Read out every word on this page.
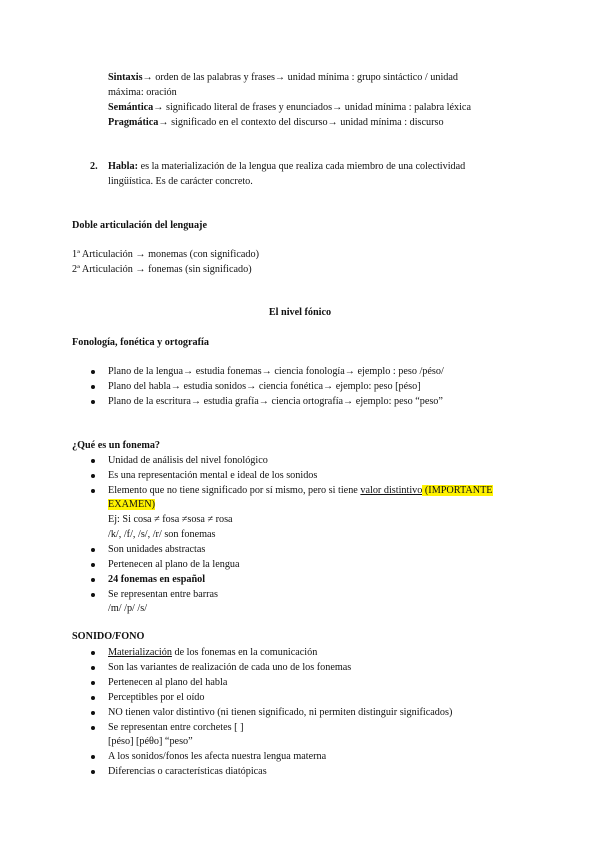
Sintaxis→ orden de las palabras y frases→ unidad mínima : grupo sintáctico / unidad
máxima: oración
Semántica→ significado literal de frases y enunciados→ unidad mínima : palabra léxica
Pragmática→ significado en el contexto del discurso→ unidad mínima : discurso
2. Habla: es la materialización de la lengua que realiza cada miembro de una colectividad
lingüística. Es de carácter concreto.
Doble articulación del lenguaje
1ª Articulación → monemas (con significado)
2ª Articulación → fonemas (sin significado)
El nivel fónico
Fonología, fonética y ortografía
Plano de la lengua→ estudia fonemas→ ciencia fonología→ ejemplo : peso /péso/
Plano del habla→ estudia sonidos→ ciencia fonética→ ejemplo: peso [péso]
Plano de la escritura→ estudia grafía→ ciencia ortografía→ ejemplo: peso “peso”
¿Qué es un fonema?
Unidad de análisis del nivel fonológico
Es una representación mental e ideal de los sonidos
Elemento que no tiene significado por sí mismo, pero si tiene valor distintivo (IMPORTANTE
EXAMEN)
Ej: Si cosa ≠ fosa ≠sosa ≠ rosa
/k/, /f/, /s/, /r/ son fonemas
Son unidades abstractas
Pertenecen al plano de la lengua
24 fonemas en español
Se representan entre barras
/m/ /p/ /s/
SONIDO/FONO
Materialización de los fonemas en la comunicación
Son las variantes de realización de cada uno de los fonemas
Pertenecen al plano del habla
Perceptibles por el oído
NO tienen valor distintivo (ni tienen significado, ni permiten distinguir significados)
Se representan entre corchetes [ ]
[péso] [péθo] “peso”
A los sonidos/fonos les afecta nuestra lengua materna
Diferencias o características diatópicas
